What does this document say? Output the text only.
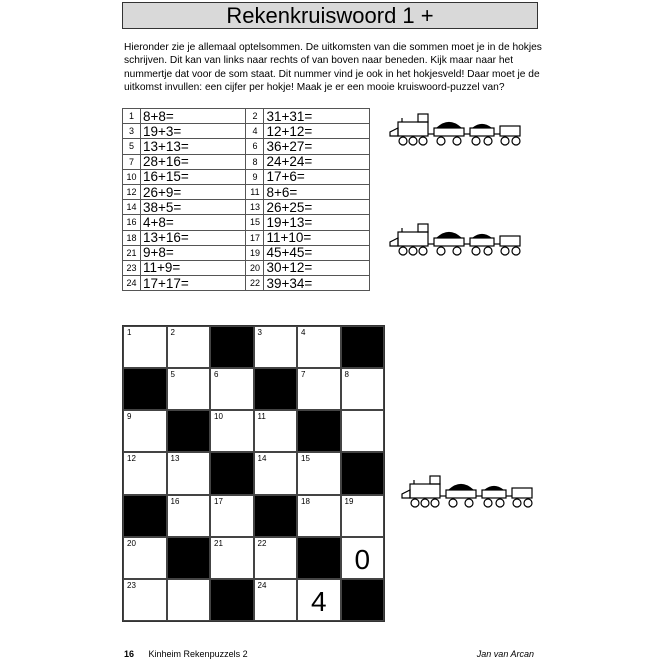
Rekenkruiswoord 1 +
Hieronder zie je allemaal optelsommen. De uitkomsten van die sommen moet je in de hokjes schrijven. Dit kan van links naar rechts of van boven naar beneden. Kijk maar naar het nummertje dat voor de som staat. Dit nummer vind je ook in het hokjesveld! Daar moet je de uitkomst invullen: een cijfer per hokje! Maak je er een mooie kruiswoord-puzzel van?
1	8+8=	2	31+31=
3	19+3=	4	12+12=
5	13+13=	6	36+27=
7	28+16=	8	24+24=
10	16+15=	9	17+6=
12	26+9=	11	8+6=
14	38+5=	13	26+25=
16	4+8=	15	19+13=
18	13+16=	17	11+10=
21	9+8=	19	45+45=
23	11+9=	20	30+12=
24	17+17=	22	39+34=
1	2	3	4
5	6	7	8
9	10	11
12	13	14	15
16	17	18	19
20	21	22
0
23	24
4
16 Kinheim Rekenpuzzels 2	Jan van Arcan
